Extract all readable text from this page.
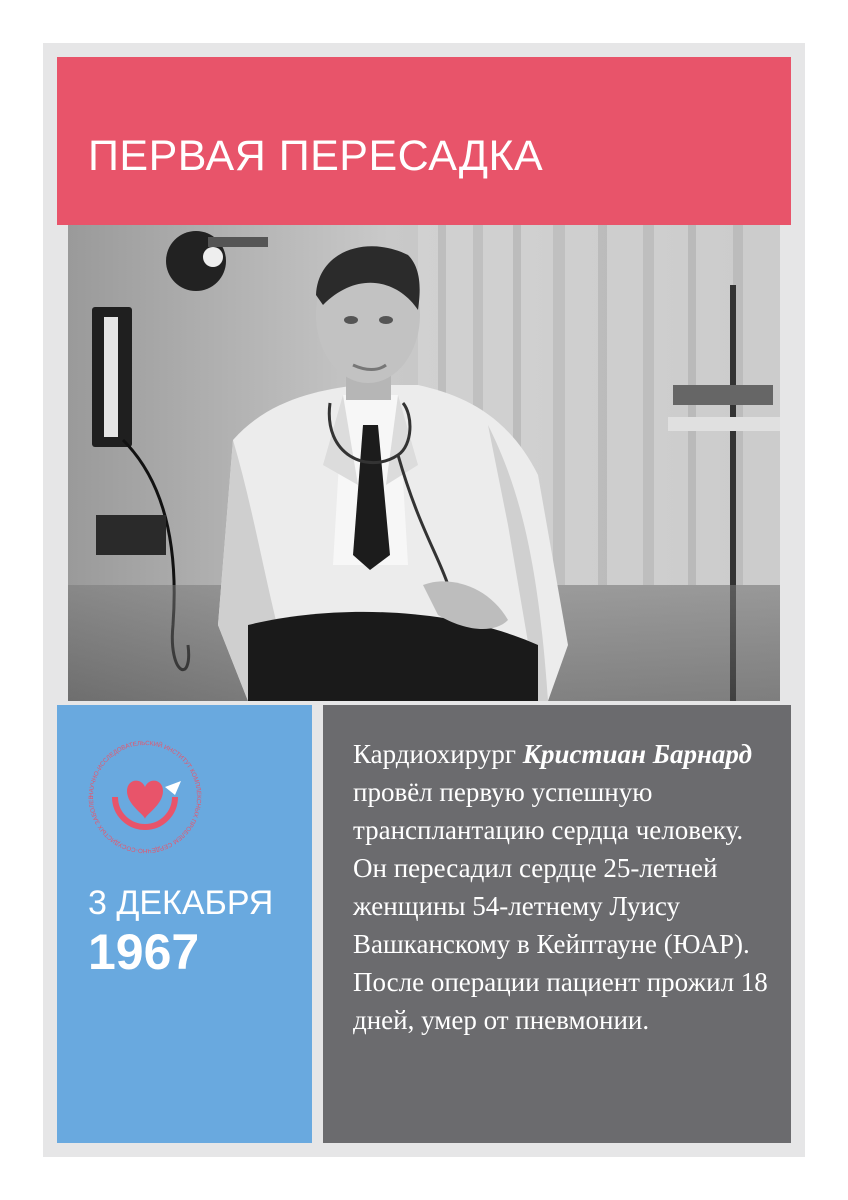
ПЕРВАЯ ПЕРЕСАДКА
НАУЧНО-ИССЛЕДОВАТЕЛЬСКИЙ ИНСТИТУТ КОМПЛЕКСНЫХ ПРОБЛЕМ СЕРДЕЧНО-СОСУДИСТЫХ ЗАБОЛЕВ
3 ДЕКАБРЯ
1967
Кардиохирург Кристиан Барнард провёл первую успешную трансплантацию сердца человеку. Он пересадил сердце 25-летней женщины 54-летнему Луису Вашканскому в Кейптауне (ЮАР). После операции пациент прожил 18 дней, умер от пневмонии.
